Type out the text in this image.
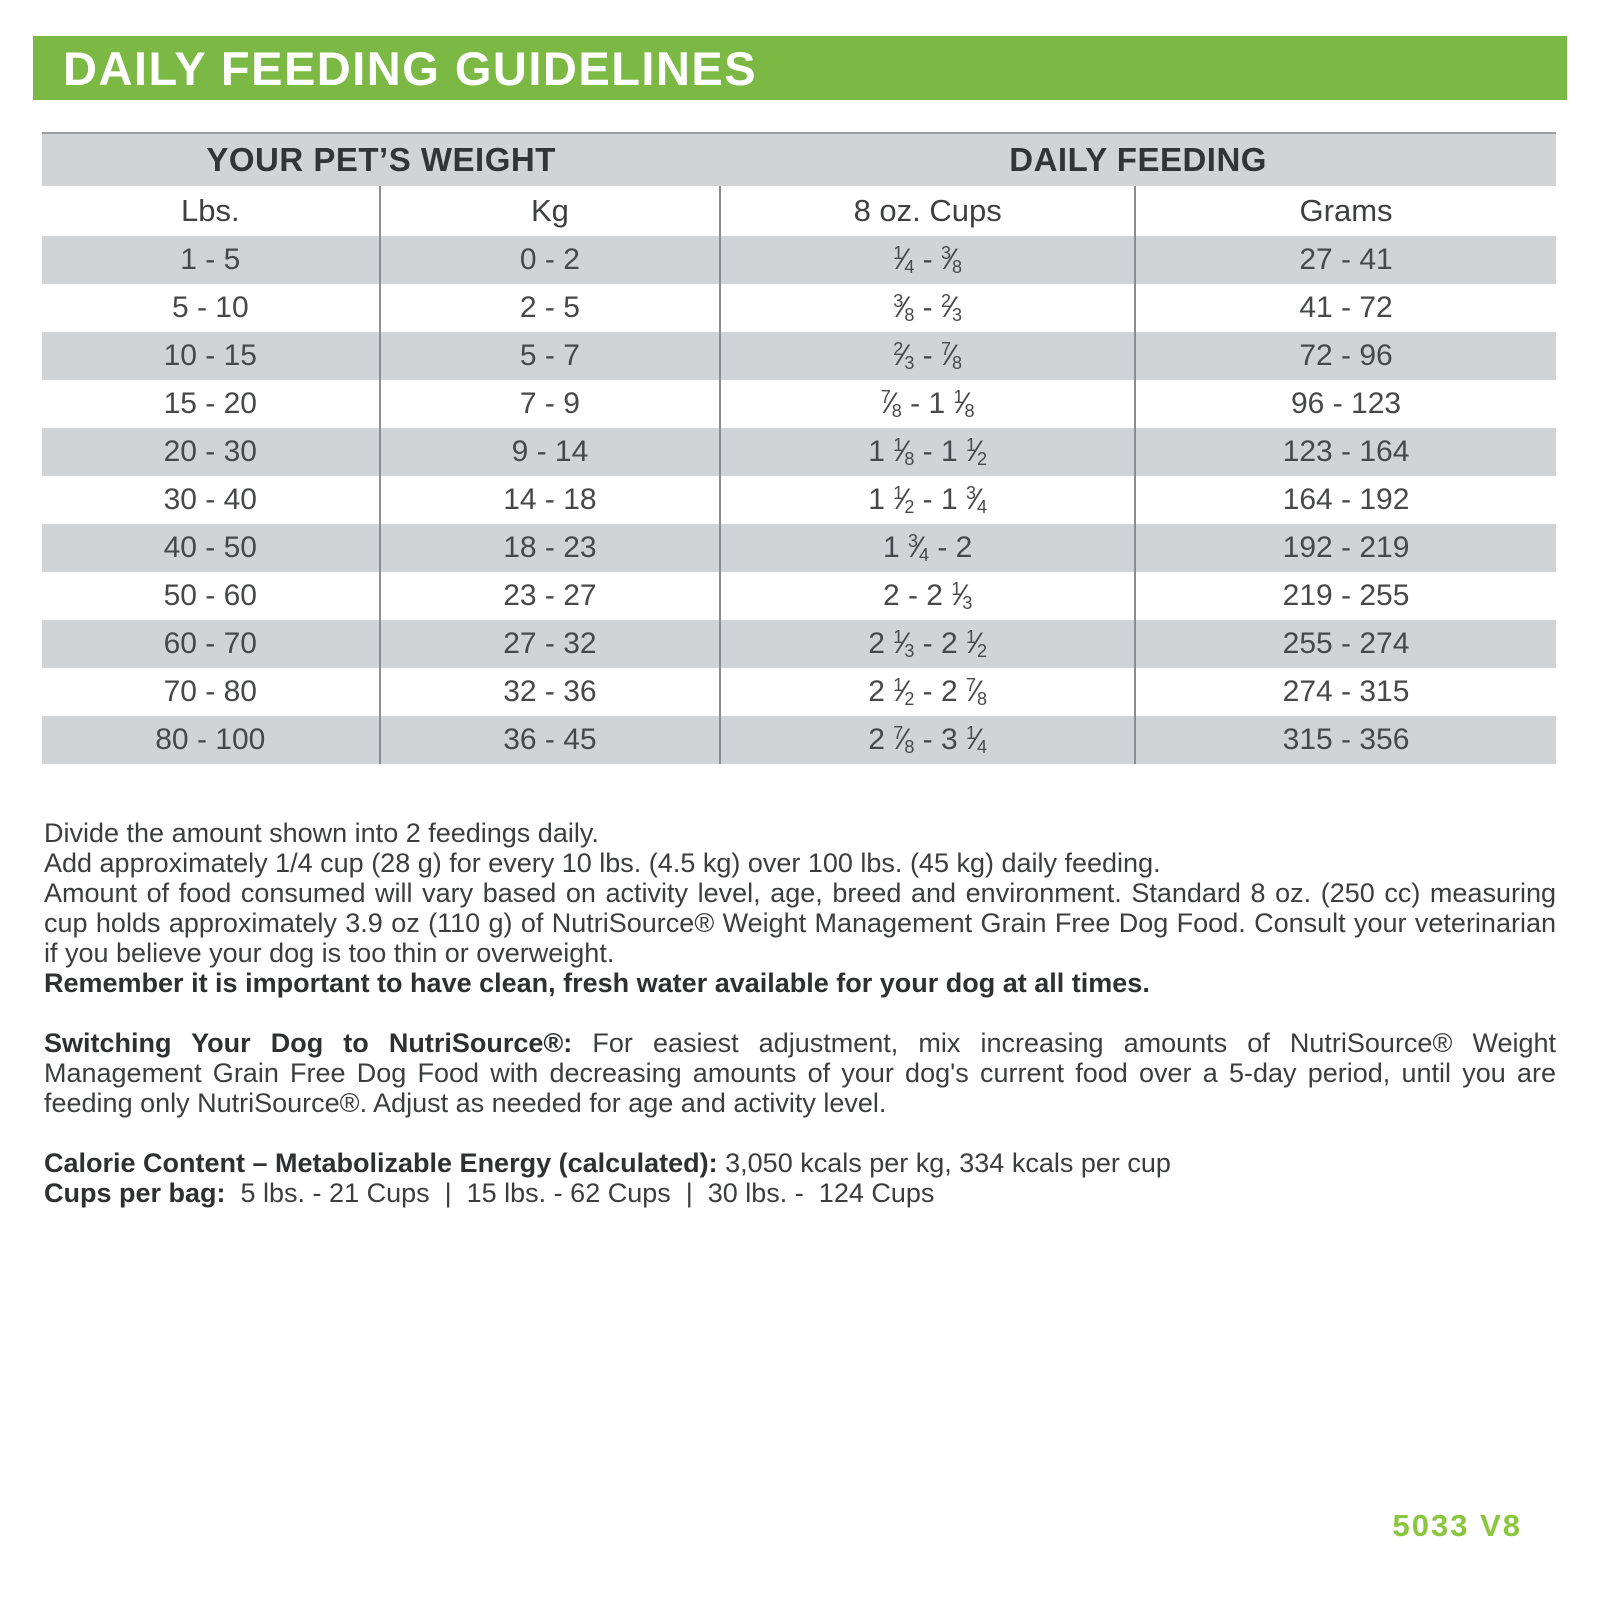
DAILY FEEDING GUIDELINES
YOUR PET’S WEIGHT		DAILY FEEDING	
Lbs.	Kg	8 oz. Cups	Grams
1 - 5	0 - 2	$^1$⁄4 - $^3$⁄8	27 - 41
5 - 10	2 - 5	$^3$⁄8 - $^2$⁄3	41 - 72
10 - 15	5 - 7	$^2$⁄3 - $^7$⁄8	72 - 96
15 - 20	7 - 9	$^7$⁄8 - 1 $^1$⁄8	96 - 123
20 - 30	9 - 14	1 $^1$⁄8 - 1 $^1$⁄2	123 - 164
30 - 40	14 - 18	1 $^1$⁄2 - 1 $^3$⁄4	164 - 192
40 - 50	18 - 23	1 $^3$⁄4 - 2	192 - 219
50 - 60	23 - 27	2 - 2 $^1$⁄3	219 - 255
60 - 70	27 - 32	2 $^1$⁄3 - 2 $^1$⁄2	255 - 274
70 - 80	32 - 36	2 $^1$⁄2 - 2 $^7$⁄8	274 - 315
80 - 100	36 - 45	2 $^7$⁄8 - 3 $^1$⁄4	315 - 356
Divide the amount shown into 2 feedings daily.
Add approximately 1/4 cup (28 g) for every 10 lbs. (4.5 kg) over 100 lbs. (45 kg) daily feeding.
Amount of food consumed will vary based on activity level, age, breed and environment. Standard 8 oz. (250 cc) measuring cup holds approximately 3.9 oz (110 g) of NutriSource® Weight Management Grain Free Dog Food. Consult your veterinarian if you believe your dog is too thin or overweight.
Remember it is important to have clean, fresh water available for your dog at all times.
Switching Your Dog to NutriSource®: For easiest adjustment, mix increasing amounts of NutriSource® Weight Management Grain Free Dog Food with decreasing amounts of your dog's current food over a 5-day period, until you are feeding only NutriSource®. Adjust as needed for age and activity level.
Calorie Content – Metabolizable Energy (calculated): 3,050 kcals per kg, 334 kcals per cup
Cups per bag:  5 lbs. - 21 Cups  |  15 lbs. - 62 Cups  |  30 lbs. -  124 Cups
5033 V8
